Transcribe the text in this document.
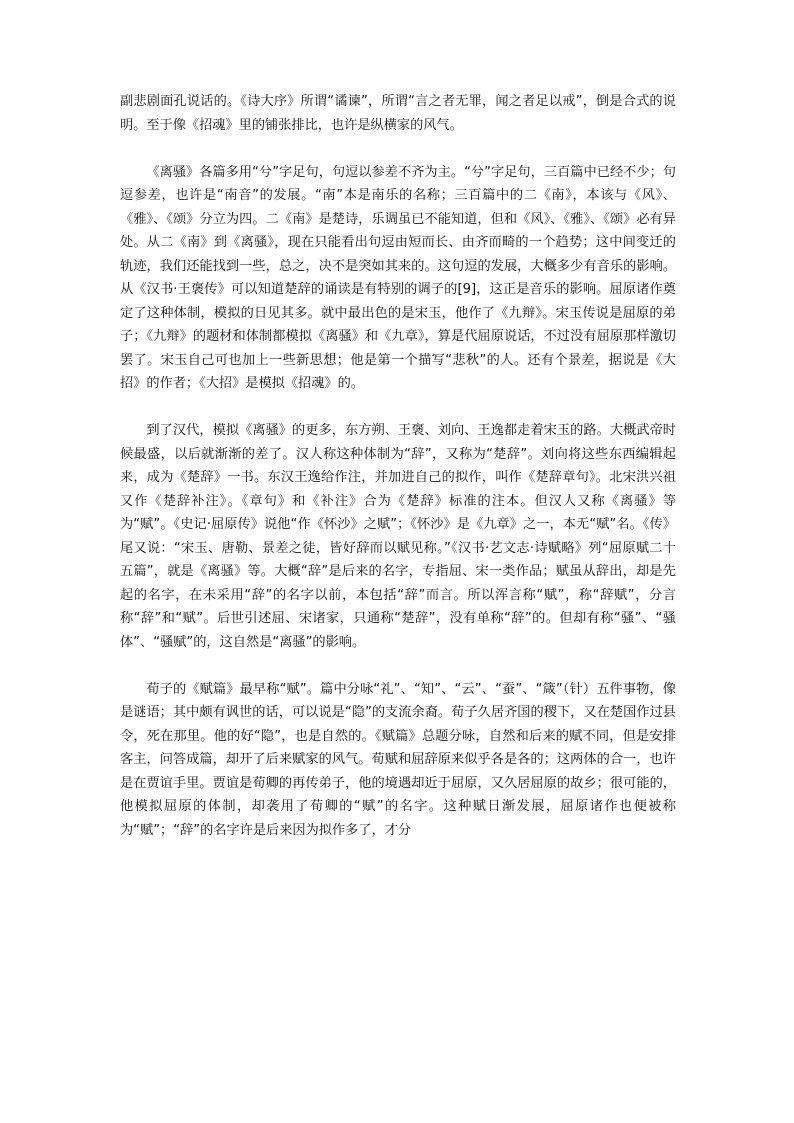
副悲剧面孔说话的。《诗大序》所谓“谲谏”，所谓“言之者无罪，闻之者足以戒”，倒是合式的说明。至于像《招魂》里的铺张排比，也许是纵横家的风气。

《离骚》各篇多用“兮”字足句，句逗以参差不齐为主。“兮”字足句，三百篇中已经不少；句逗参差，也许是“南音”的发展。“南”本是南乐的名称；三百篇中的二《南》，本该与《风》、《雅》、《颂》分立为四。二《南》是楚诗，乐调虽已不能知道，但和《风》、《雅》、《颂》必有异处。从二《南》到《离骚》，现在只能看出句逗由短而长、由齐而畸的一个趋势；这中间变迁的轨迹，我们还能找到一些，总之，决不是突如其来的。这句逗的发展，大概多少有音乐的影响。从《汉书·王褒传》可以知道楚辞的诵读是有特别的调子的[9]，这正是音乐的影响。屈原诸作奠定了这种体制，模拟的日见其多。就中最出色的是宋玉，他作了《九辩》。宋玉传说是屈原的弟子；《九辩》的题材和体制都模拟《离骚》和《九章》，算是代屈原说话，不过没有屈原那样激切罢了。宋玉自己可也加上一些新思想；他是第一个描写“悲秋”的人。还有个景差，据说是《大招》的作者；《大招》是模拟《招魂》的。

到了汉代，模拟《离骚》的更多，东方朔、王褒、刘向、王逸都走着宋玉的路。大概武帝时候最盛，以后就渐渐的差了。汉人称这种体制为“辞”，又称为“楚辞”。刘向将这些东西编辑起来，成为《楚辞》一书。东汉王逸给作注，并加进自己的拟作，叫作《楚辞章句》。北宋洪兴祖又作《楚辞补注》。《章句》和《补注》合为《楚辞》标准的注本。但汉人又称《离骚》等为“赋”。《史记·屈原传》说他“作《怀沙》之赋”；《怀沙》是《九章》之一，本无“赋”名。《传》尾又说：“宋玉、唐勒、景差之徒，皆好辞而以赋见称。”《汉书·艺文志·诗赋略》列“屈原赋二十五篇”，就是《离骚》等。大概“辞”是后来的名字，专指屈、宋一类作品；赋虽从辞出，却是先起的名字，在未采用“辞”的名字以前，本包括“辞”而言。所以浑言称“赋”，称“辞赋”，分言称“辞”和“赋”。后世引述屈、宋诸家，只通称“楚辞”，没有单称“辞”的。但却有称“骚”、“骚体”、“骚赋”的，这自然是“离骚”的影响。

荀子的《赋篇》最早称“赋”。篇中分咏“礼”、“知”、“云”、“蚕”、“箴”（针）五件事物，像是谜语；其中颇有讽世的话，可以说是“隐”的支流余裔。荀子久居齐国的稷下，又在楚国作过县令，死在那里。他的好“隐”，也是自然的。《赋篇》总题分咏，自然和后来的赋不同，但是安排客主，问答成篇，却开了后来赋家的风气。荀赋和屈辞原来似乎各是各的；这两体的合一，也许是在贾谊手里。贾谊是荀卿的再传弟子，他的境遇却近于屈原，又久居屈原的故乡；很可能的，他模拟屈原的体制，却袭用了荀卿的“赋”的名字。这种赋日渐发展，屈原诸作也便被称为“赋”；“辞”的名字许是后来因为拟作多了，才分
